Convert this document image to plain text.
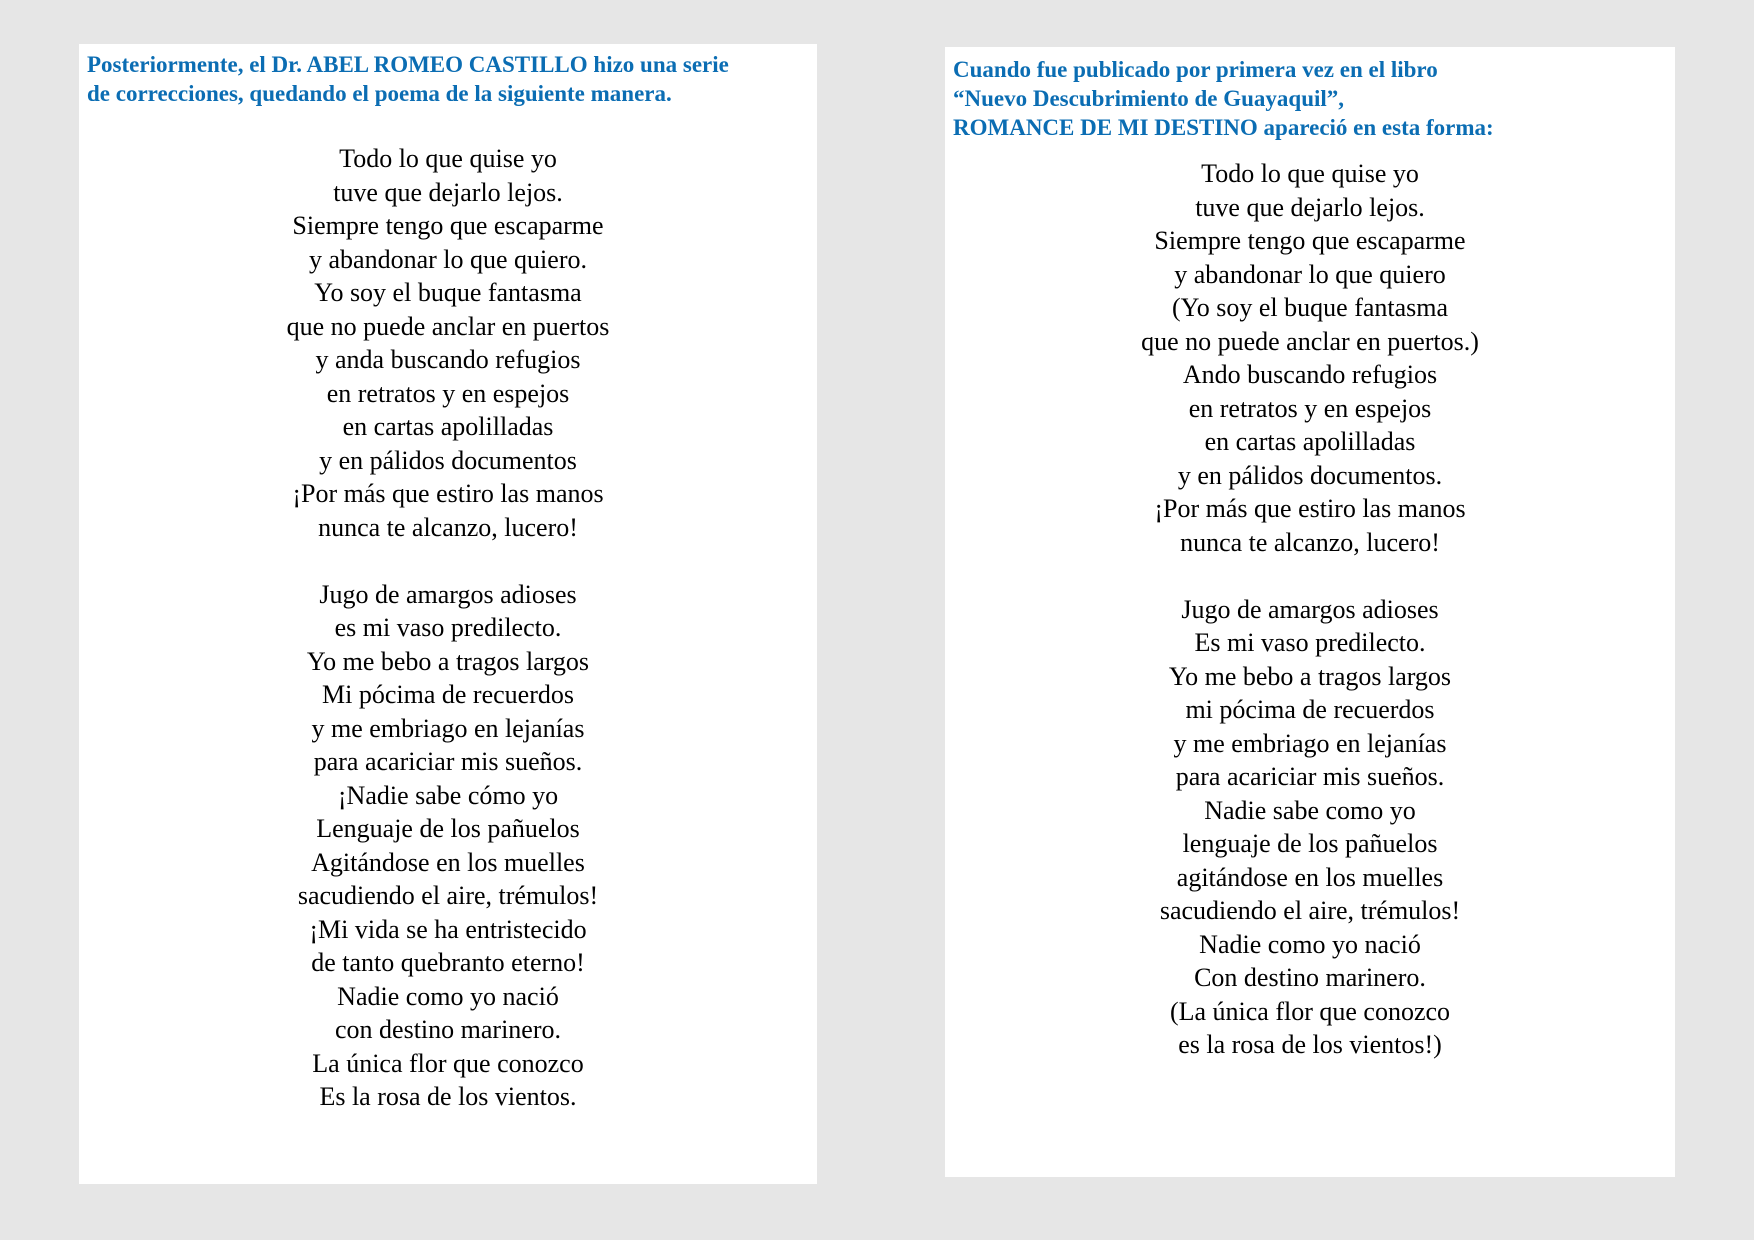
Posteriormente, el Dr. ABEL ROMEO CASTILLO hizo una serie
de correcciones, quedando el poema de la siguiente manera.

Todo lo que quise yo
tuve que dejarlo lejos.
Siempre tengo que escaparme
y abandonar lo que quiero.
Yo soy el buque fantasma
que no puede anclar en puertos
y anda buscando refugios
en retratos y en espejos
en cartas apolilladas
y en pálidos documentos
¡Por más que estiro las manos
nunca te alcanzo, lucero!

Jugo de amargos adioses
es mi vaso predilecto.
Yo me bebo a tragos largos
Mi pócima de recuerdos
y me embriago en lejanías
para acariciar mis sueños.
¡Nadie sabe cómo yo
Lenguaje de los pañuelos
Agitándose en los muelles
sacudiendo el aire, trémulos!
¡Mi vida se ha entristecido
de tanto quebranto eterno!
Nadie como yo nació
con destino marinero.
La única flor que conozco
Es la rosa de los vientos.

Cuando fue publicado por primera vez en el libro
“Nuevo Descubrimiento de Guayaquil”,
ROMANCE DE MI DESTINO apareció en esta forma:

Todo lo que quise yo
tuve que dejarlo lejos.
Siempre tengo que escaparme
y abandonar lo que quiero
(Yo soy el buque fantasma
que no puede anclar en puertos.)
Ando buscando refugios
en retratos y en espejos
en cartas apolilladas
y en pálidos documentos.
¡Por más que estiro las manos
nunca te alcanzo, lucero!

Jugo de amargos adioses
Es mi vaso predilecto.
Yo me bebo a tragos largos
mi pócima de recuerdos
y me embriago en lejanías
para acariciar mis sueños.
Nadie sabe como yo
lenguaje de los pañuelos
agitándose en los muelles
sacudiendo el aire, trémulos!
Nadie como yo nació
Con destino marinero.
(La única flor que conozco
es la rosa de los vientos!)
